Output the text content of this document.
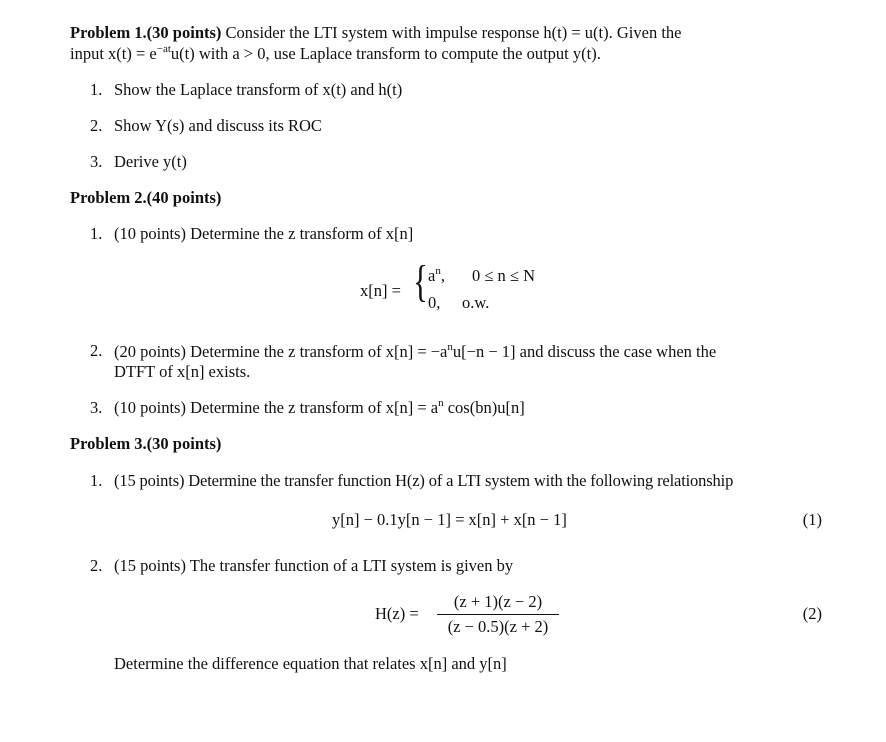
Problem 1.(30 points) Consider the LTI system with impulse response h(t) = u(t). Given the
input $x(t) = e^{-at}u(t)$ with a > 0, use Laplace transform to compute the output y(t).
1. Show the Laplace transform of x(t) and h(t)
2. Show Y(s) and discuss its ROC
3. Derive y(t)
Problem 2.(40 points)
1. (10 points) Determine the z transform of x[n]
x[n] = { $a^n$, 0 ≤ n ≤ N
0, o.w.
2. (20 points) Determine the z transform of $x[n] = -a^nu[-n - 1]$ and discuss the case when the
DTFT of x[n] exists.
3. (10 points) Determine the z transform of $x[n] = a^n$ cos(bn)u[n]
Problem 3.(30 points)
1. (15 points) Determine the transfer function H(z) of a LTI system with the following relationship
y[n] − 0.1y[n − 1] = x[n] + x[n − 1]	(1)
2. (15 points) The transfer function of a LTI system is given by
H(z) =
(z + 1)(z − 2)
(z − 0.5)(z + 2)
(2)
Determine the difference equation that relates x[n] and y[n]
